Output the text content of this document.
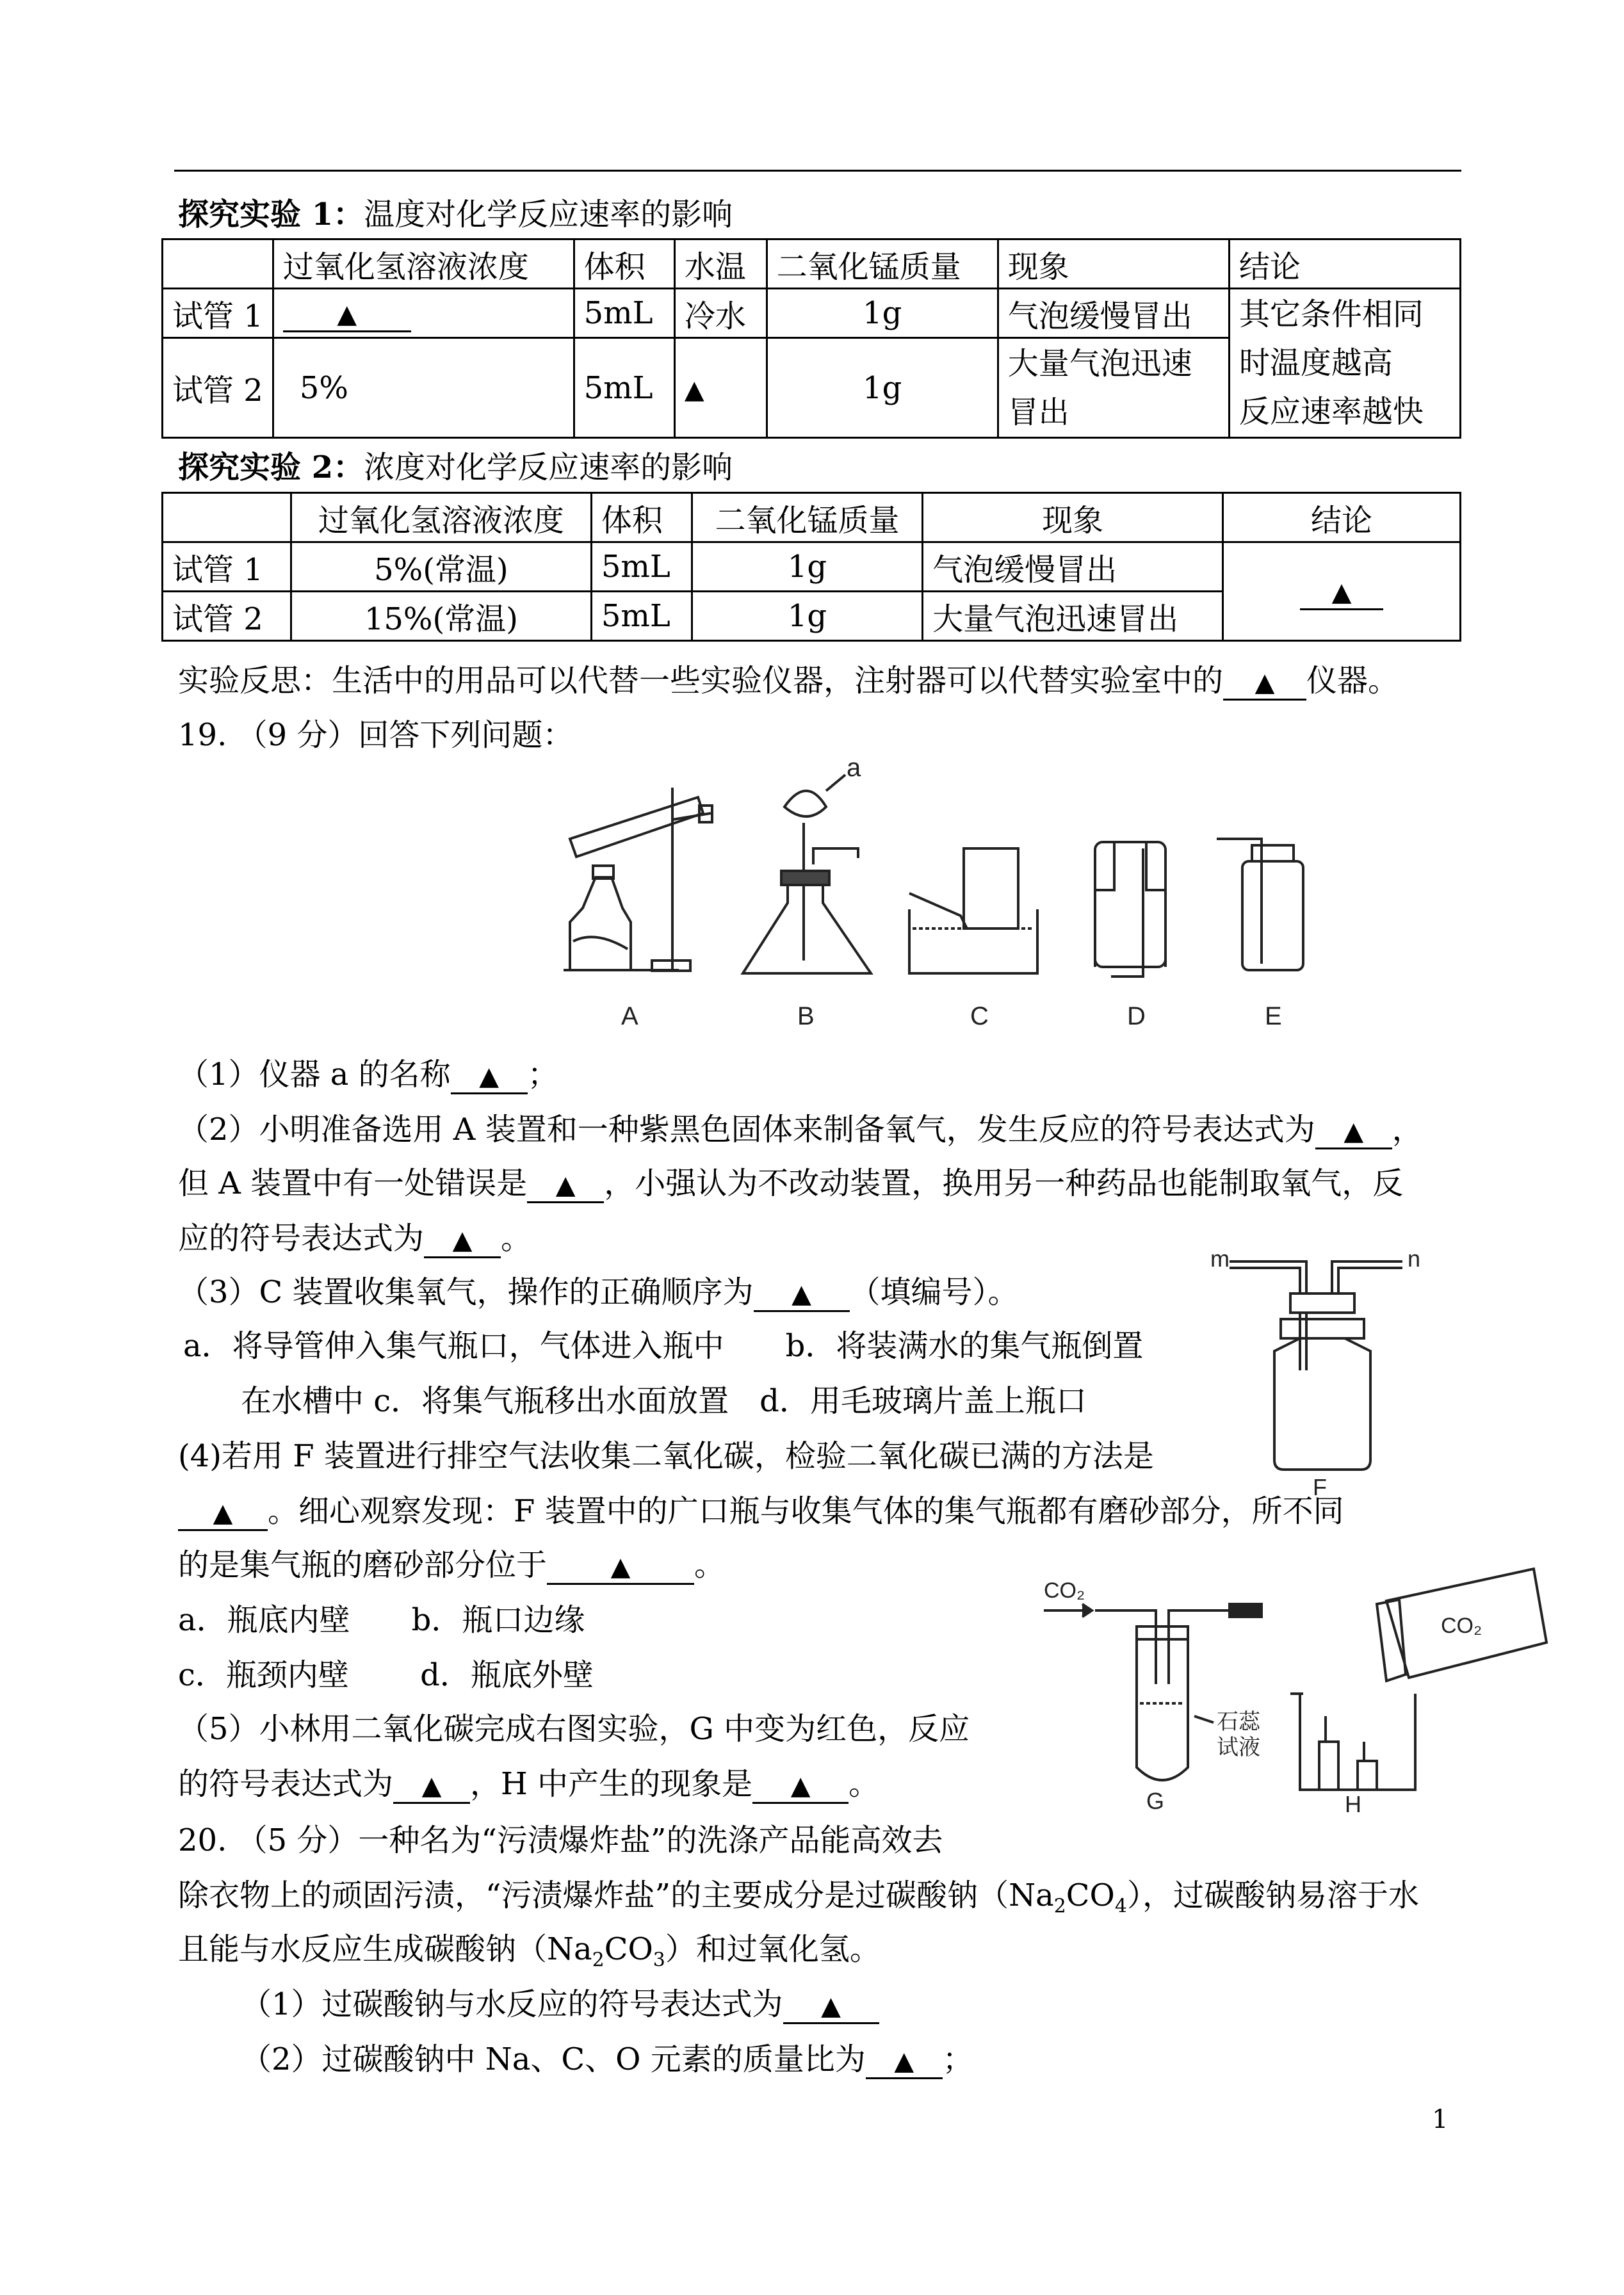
探究实验 1：温度对化学反应速率的影响
	过氧化氢溶液浓度	体积	水温	二氧化锰质量	现象	结论
试管 1	▲	5mL	冷水	1g	气泡缓慢冒出	其它条件相同
时温度越高
反应速率越快

试管 2	5%	5mL	▲	1g	大量气泡迅速
冒出	
探究实验 2：浓度对化学反应速率的影响
	过氧化氢溶液浓度	体积	二氧化锰质量	现象	结论
试管 1	5%(常温)	5mL	1g	气泡缓慢冒出	▲
试管 2	15%(常温)	5mL	1g	大量气泡迅速冒出	
实验反思：生活中的用品可以代替一些实验仪器，注射器可以代替实验室中的 ▲ 仪器。
19. （9 分）回答下列问题：
A	B	C	D	E
a
（1）仪器 a 的名称 ▲ ；
（2）小明准备选用 A 装置和一种紫黑色固体来制备氧气，发生反应的符号表达式为 ▲ ，
但 A 装置中有一处错误是 ▲ ，小强认为不改动装置，换用另一种药品也能制取氧气，反
应的符号表达式为 ▲ 。
（3）C 装置收集氧气，操作的正确顺序为 ▲ （填编号）。
a．将导管伸入集气瓶口，气体进入瓶中　　b．将装满水的集气瓶倒置
在水槽中 c．将集气瓶移出水面放置　d．用毛玻璃片盖上瓶口
(4)若用 F 装置进行排空气法收集二氧化碳，检验二氧化碳已满的方法是
▲ 。细心观察发现：F 装置中的广口瓶与收集气体的集气瓶都有磨砂部分，所不同
的是集气瓶的磨砂部分位于 ▲ 。
a．瓶底内壁　　b．瓶口边缘
c．瓶颈内壁　　 d．瓶底外壁
（5）小林用二氧化碳完成右图实验，G 中变为红色，反应
的符号表达式为 ▲ ，H 中产生的现象是 ▲ 。
m	n
F
CO₂
CO₂
石蕊
试液
G	H
20. （5 分）一种名为“污渍爆炸盐”的洗涤产品能高效去
除衣物上的顽固污渍，“污渍爆炸盐”的主要成分是过碳酸钠$(Na_2CO_4)$，过碳酸钠易溶于水
且能与水反应生成碳酸钠$(Na_2CO_3)$和过氧化氢。
（1）过碳酸钠与水反应的符号表达式为 ▲
（2）过碳酸钠中 Na、C、O 元素的质量比为 ▲ ；
1
